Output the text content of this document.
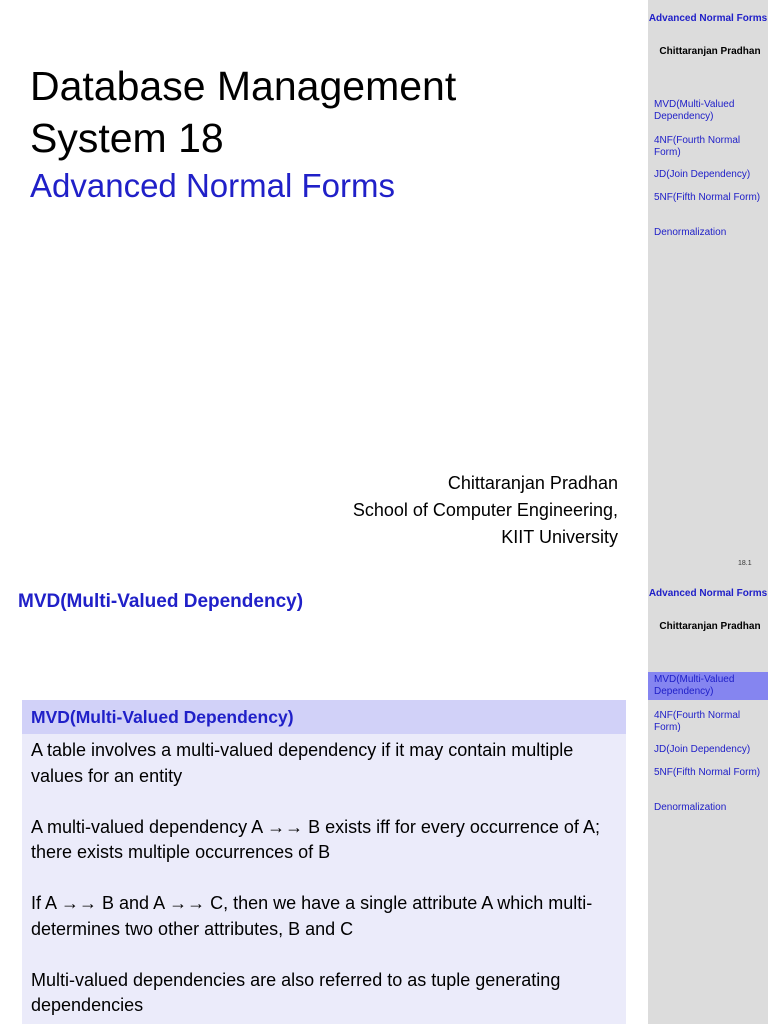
Advanced Normal Forms
Chittaranjan Pradhan
MVD(Multi-Valued Dependency)
4NF(Fourth Normal Form)
JD(Join Dependency)
5NF(Fifth Normal Form)
Denormalization
Database Management
System 18
Advanced Normal Forms
Chittaranjan Pradhan
School of Computer Engineering,
KIIT University
18.1
Advanced Normal Forms
Chittaranjan Pradhan
MVD(Multi-Valued Dependency)
4NF(Fourth Normal Form)
JD(Join Dependency)
5NF(Fifth Normal Form)
Denormalization
MVD(Multi-Valued Dependency)
MVD(Multi-Valued Dependency)
A table involves a multi-valued dependency if it may contain multiple values for an entity
A multi-valued dependency A →→ B exists iff for every occurrence of A; there exists multiple occurrences of B
If A →→ B and A →→ C, then we have a single attribute A which multi-determines two other attributes, B and C
Multi-valued dependencies are also referred to as tuple generating dependencies
